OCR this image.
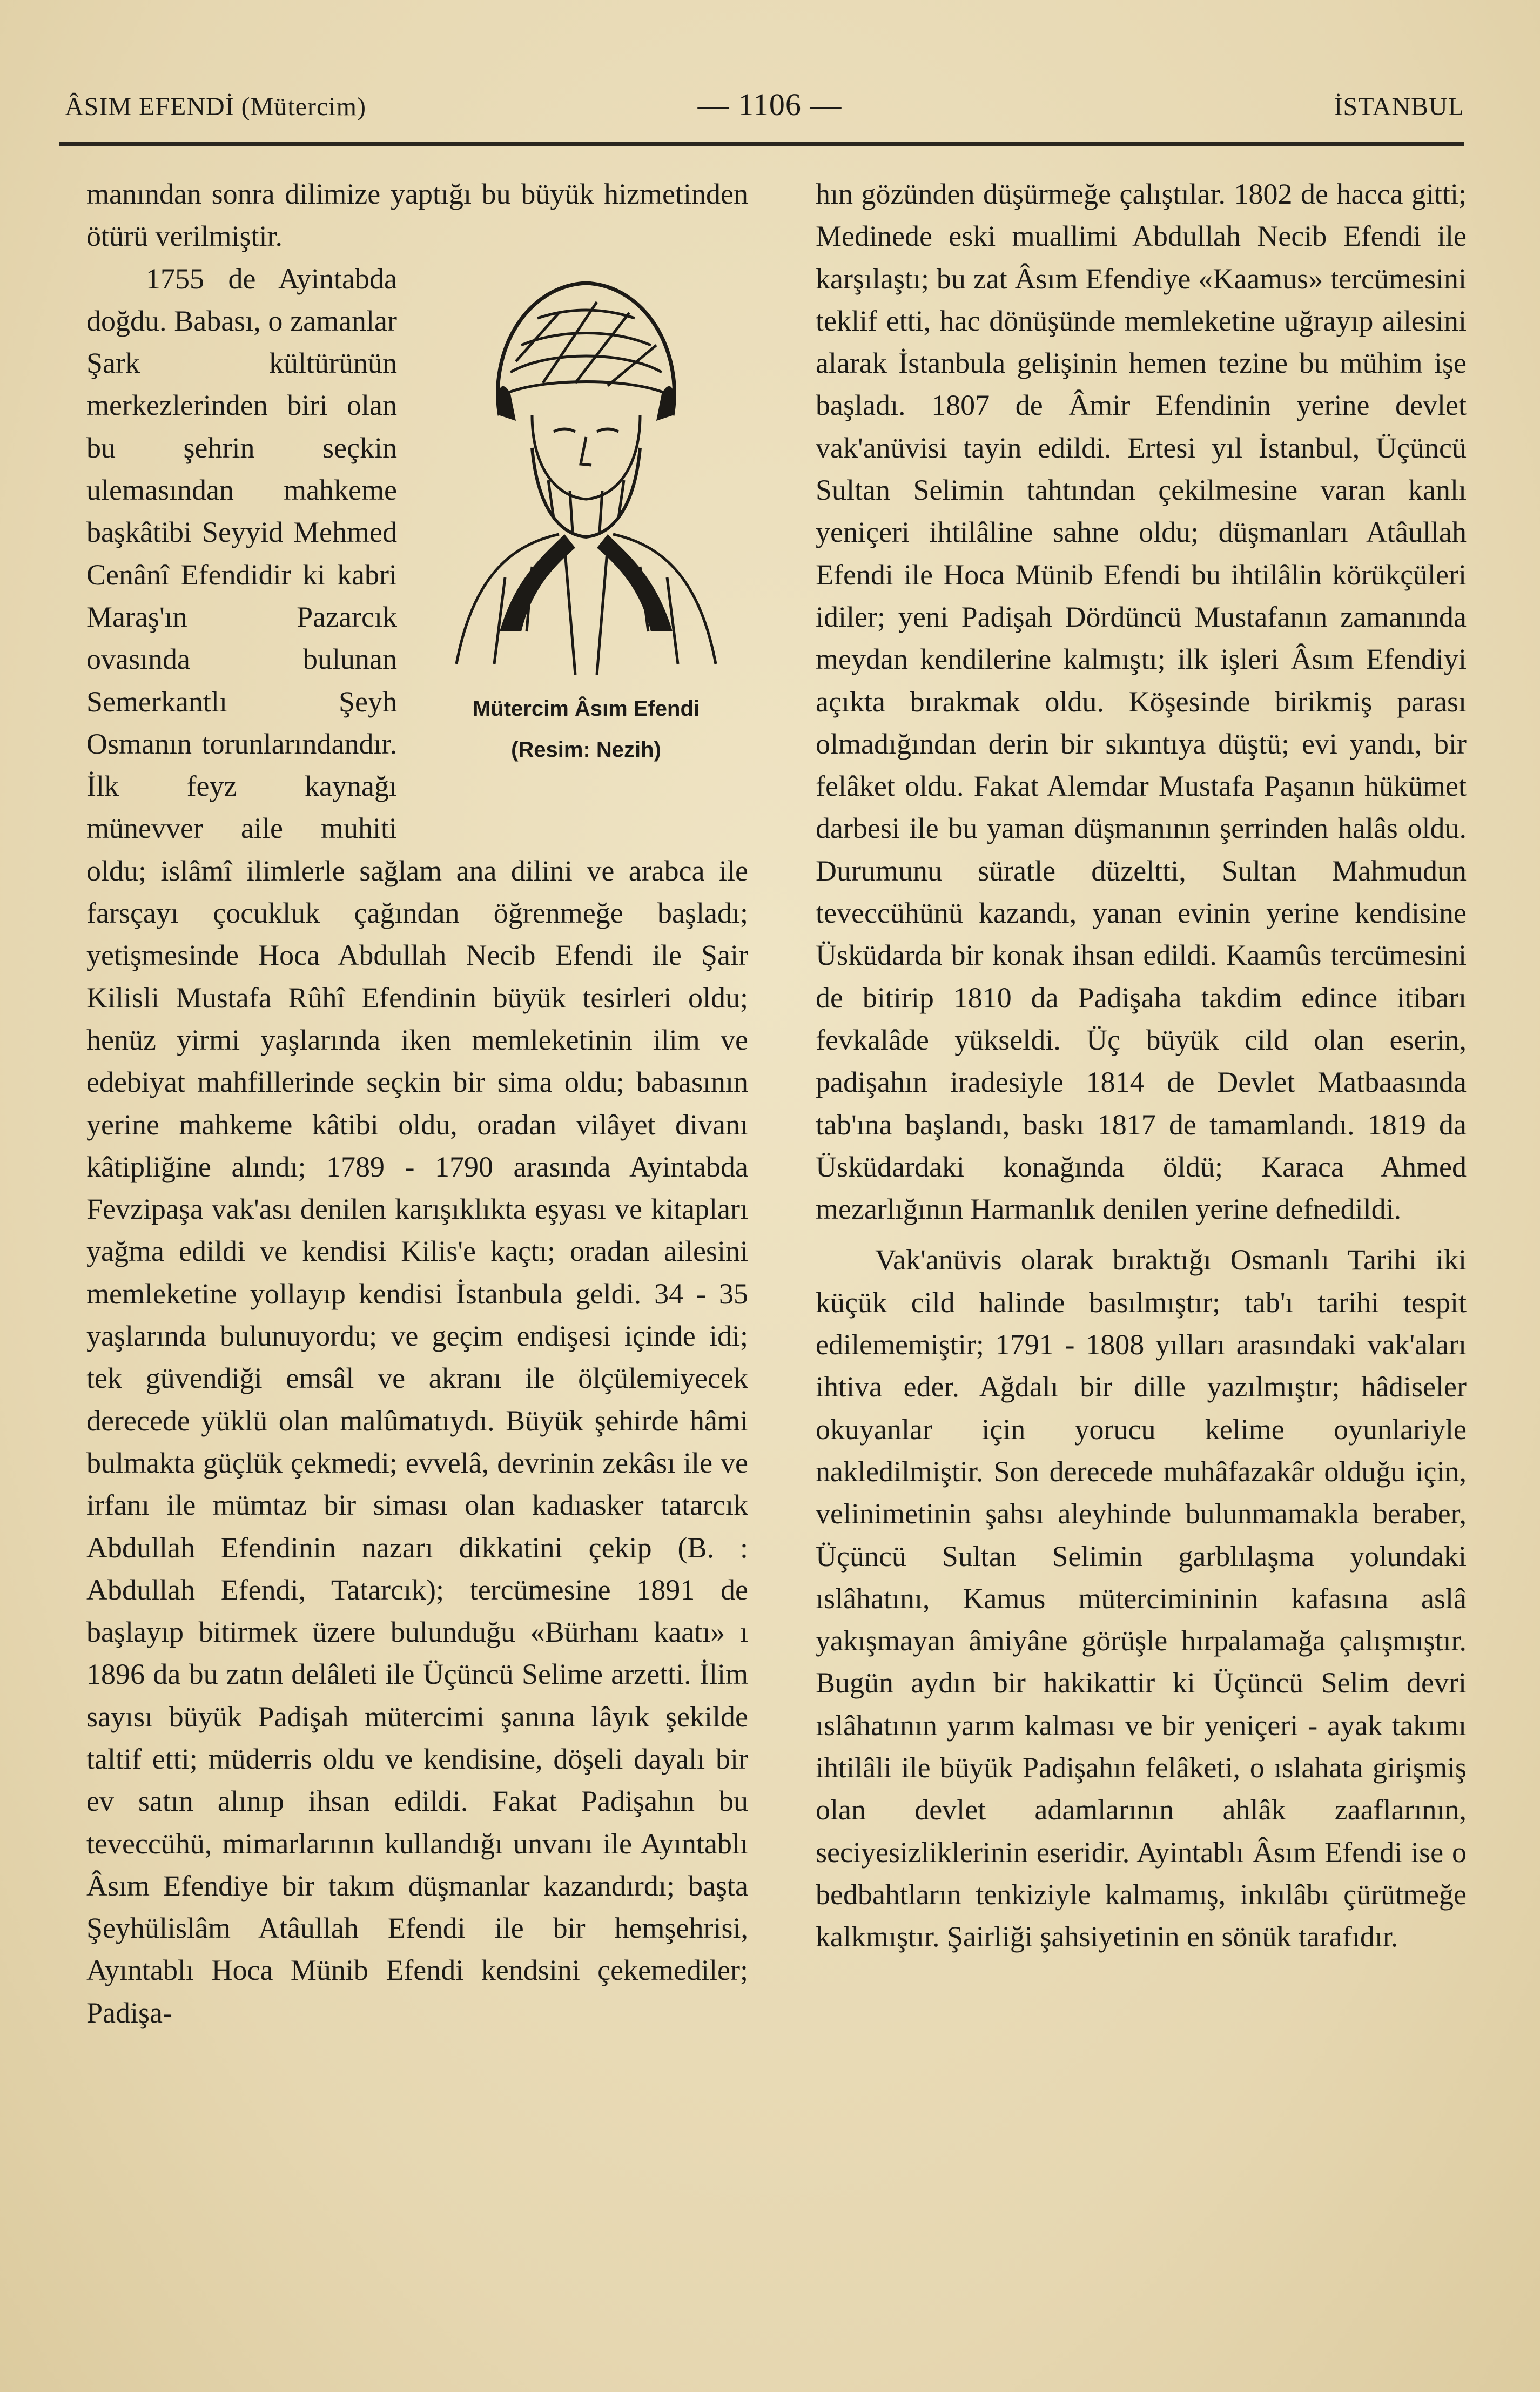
ÂSIM EFENDİ (Mütercim)	— 1106 —	İSTANBUL

manından sonra dilimize yaptığı bu büyük hizmetinden ötürü verilmiştir.

Mütercim Âsım Efendi
(Resim: Nezih)

1755 de Ayintabda doğdu. Babası, o zamanlar Şark kültürünün merkezlerinden biri olan bu şehrin seçkin ulemasından mahkeme başkâtibi Seyyid Mehmed Cenânî Efendidir ki kabri Maraş'ın Pazarcık ovasında bulunan Semerkantlı Şeyh Osmanın torunlarındandır. İlk feyz kaynağı münevver aile muhiti oldu; islâmî ilimlerle sağlam ana dilini ve arabca ile farsçayı çocukluk çağından öğrenmeğe başladı; yetişmesinde Hoca Abdullah Necib Efendi ile Şair Kilisli Mustafa Rûhî Efendinin büyük tesirleri oldu; henüz yirmi yaşlarında iken memleketinin ilim ve edebiyat mahfillerinde seçkin bir sima oldu; babasının yerine mahkeme kâtibi oldu, oradan vilâyet divanı kâtipliğine alındı; 1789 - 1790 arasında Ayintabda Fevzipaşa vak'ası denilen karışıklıkta eşyası ve kitapları yağma edildi ve kendisi Kilis'e kaçtı; oradan ailesini memleketine yollayıp kendisi İstanbula geldi. 34 - 35 yaşlarında bulunuyordu; ve geçim endişesi içinde idi; tek güvendiği emsâl ve akranı ile ölçülemiyecek derecede yüklü olan malûmatıydı. Büyük şehirde hâmi bulmakta güçlük çekmedi; evvelâ, devrinin zekâsı ile ve irfanı ile mümtaz bir siması olan kadıasker tatarcık Abdullah Efendinin nazarı dikkatini çekip (B. : Abdullah Efendi, Tatarcık); tercümesine 1891 de başlayıp bitirmek üzere bulunduğu «Bürhanı kaatı» ı 1896 da bu zatın delâleti ile Üçüncü Selime arzetti. İlim sayısı büyük Padişah mütercimi şanına lâyık şekilde taltif etti; müderris oldu ve kendisine, döşeli dayalı bir ev satın alınıp ihsan edildi. Fakat Padişahın bu teveccühü, mimarlarının kullandığı unvanı ile Ayıntablı Âsım Efendiye bir takım düşmanlar kazandırdı; başta Şeyhülislâm Atâullah Efendi ile bir hemşehrisi, Ayıntablı Hoca Münib Efendi kendsini çekemediler; Padişa-

hın gözünden düşürmeğe çalıştılar. 1802 de hacca gitti; Medinede eski muallimi Abdullah Necib Efendi ile karşılaştı; bu zat Âsım Efendiye «Kaamus» tercümesini teklif etti, hac dönüşünde memleketine uğrayıp ailesini alarak İstanbula gelişinin hemen tezine bu mühim işe başladı. 1807 de Âmir Efendinin yerine devlet vak'anüvisi tayin edildi. Ertesi yıl İstanbul, Üçüncü Sultan Selimin tahtından çekilmesine varan kanlı yeniçeri ihtilâline sahne oldu; düşmanları Atâullah Efendi ile Hoca Münib Efendi bu ihtilâlin körükçüleri idiler; yeni Padişah Dördüncü Mustafanın zamanında meydan kendilerine kalmıştı; ilk işleri Âsım Efendiyi açıkta bırakmak oldu. Köşesinde birikmiş parası olmadığından derin bir sıkıntıya düştü; evi yandı, bir felâket oldu. Fakat Alemdar Mustafa Paşanın hükümet darbesi ile bu yaman düşmanının şerrinden halâs oldu. Durumunu süratle düzeltti, Sultan Mahmudun teveccühünü kazandı, yanan evinin yerine kendisine Üsküdarda bir konak ihsan edildi. Kaamûs tercümesini de bitirip 1810 da Padişaha takdim edince itibarı fevkalâde yükseldi. Üç büyük cild olan eserin, padişahın iradesiyle 1814 de Devlet Matbaasında tab'ına başlandı, baskı 1817 de tamamlandı. 1819 da Üsküdardaki konağında öldü; Karaca Ahmed mezarlığının Harmanlık denilen yerine defnedildi.

Vak'anüvis olarak bıraktığı Osmanlı Tarihi iki küçük cild halinde basılmıştır; tab'ı tarihi tespit edilememiştir; 1791 - 1808 yılları arasındaki vak'aları ihtiva eder. Ağdalı bir dille yazılmıştır; hâdiseler okuyanlar için yorucu kelime oyunlariyle nakledilmiştir. Son derecede muhâfazakâr olduğu için, velinimetinin şahsı aleyhinde bulunmamakla beraber, Üçüncü Sultan Selimin garblılaşma yolundaki ıslâhatını, Kamus mütercimininin kafasına aslâ yakışmayan âmiyâne görüşle hırpalamağa çalışmıştır. Bugün aydın bir hakikattir ki Üçüncü Selim devri ıslâhatının yarım kalması ve bir yeniçeri - ayak takımı ihtilâli ile büyük Padişahın felâketi, o ıslahata girişmiş olan devlet adamlarının ahlâk zaaflarının, seciyesizliklerinin eseridir. Ayintablı Âsım Efendi ise o bedbahtların tenkiziyle kalmamış, inkılâbı çürütmeğe kalkmıştır. Şairliği şahsiyetinin en sönük tarafıdır.
